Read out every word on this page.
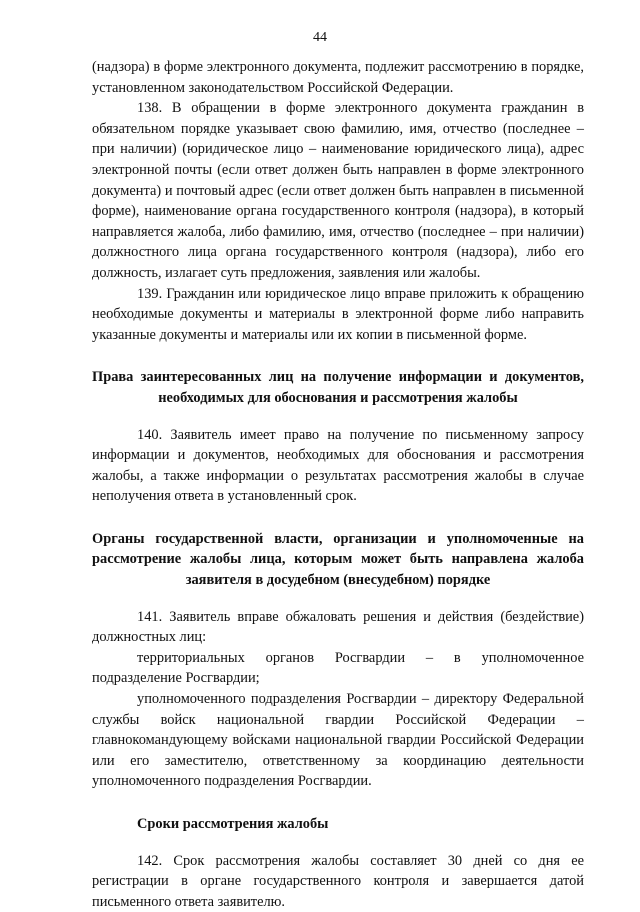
44

(надзора) в форме электронного документа, подлежит рассмотрению в порядке, установленном законодательством Российской Федерации.

138. В обращении в форме электронного документа гражданин в обязательном порядке указывает свою фамилию, имя, отчество (последнее – при наличии) (юридическое лицо – наименование юридического лица), адрес электронной почты (если ответ должен быть направлен в форме электронного документа) и почтовый адрес (если ответ должен быть направлен в письменной форме), наименование органа государственного контроля (надзора), в который направляется жалоба, либо фамилию, имя, отчество (последнее – при наличии) должностного лица органа государственного контроля (надзора), либо его должность, излагает суть предложения, заявления или жалобы.

139. Гражданин или юридическое лицо вправе приложить к обращению необходимые документы и материалы в электронной форме либо направить указанные документы и материалы или их копии в письменной форме.

Права заинтересованных лиц на получение информации и документов, необходимых для обоснования и рассмотрения жалобы

140. Заявитель имеет право на получение по письменному запросу информации и документов, необходимых для обоснования и рассмотрения жалобы, а также информации о результатах рассмотрения жалобы в случае неполучения ответа в установленный срок.

Органы государственной власти, организации и уполномоченные на рассмотрение жалобы лица, которым может быть направлена жалоба заявителя в досудебном (внесудебном) порядке

141. Заявитель вправе обжаловать решения и действия (бездействие) должностных лиц:

территориальных органов Росгвардии – в уполномоченное подразделение Росгвардии;

уполномоченного подразделения Росгвардии – директору Федеральной службы войск национальной гвардии Российской Федерации – главнокомандующему войсками национальной гвардии Российской Федерации или его заместителю, ответственному за координацию деятельности уполномоченного подразделения Росгвардии.

Сроки рассмотрения жалобы

142. Срок рассмотрения жалобы составляет 30 дней со дня ее регистрации в органе государственного контроля и завершается датой письменного ответа заявителю.
